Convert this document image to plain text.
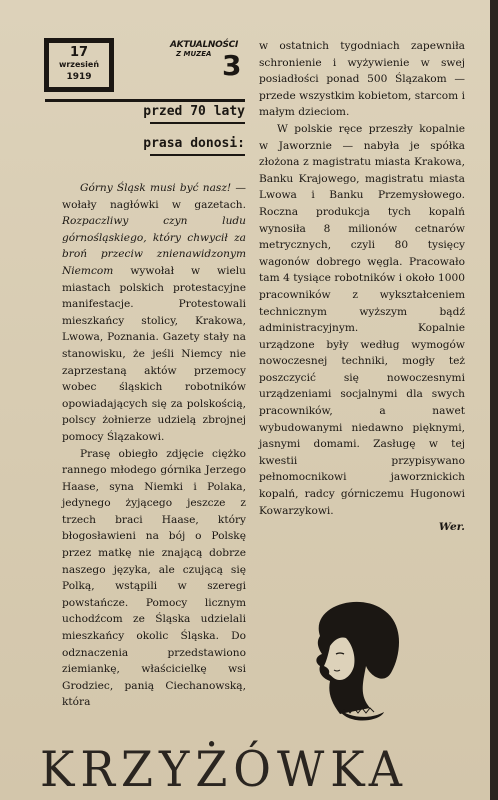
17
wrzesień
1919
AKTUALNOŚCI
Z MUZEA 3
przed 70 laty
prasa donosi:

Górny Śląsk musi być nasz! — wołały nagłówki w gazetach. Rozpaczliwy czyn ludu górnośląskiego, który chwycił za broń przeciw znienawidzonym Niemcom wywołał w wielu miastach polskich protestacyjne manifestacje. Protestowali mieszkańcy stolicy, Krakowa, Lwowa, Poznania. Gazety stały na stanowisku, że jeśli Niemcy nie zaprzestaną aktów przemocy wobec śląskich robotników opowiadających się za polskością, polscy żołnierze udzielą zbrojnej pomocy Ślązakowi.

Prasę obiegło zdjęcie ciężko rannego młodego górnika Jerzego Haase, syna Niemki i Polaka, jedynego żyjącego jeszcze z trzech braci Haase, który błogosławieni na bój o Polskę przez matkę nie znającą dobrze naszego języka, ale czującą się Polką, wstąpili w szeregi powstańcze. Pomocy licznym uchodźcom ze Śląska udzielali mieszkańcy okolic Śląska. Do odznaczenia przedstawiono ziemiankę, właścicielkę wsi Grodziec, panią Ciechanowską, która

w ostatnich tygodniach zapewniła schronienie i wyżywienie w swej posiadłości ponad 500 Ślązakom — przede wszystkim kobietom, starcom i małym dzieciom.

W polskie ręce przeszły kopalnie w Jaworznie — nabyła je spółka złożona z magistratu miasta Krakowa, Banku Krajowego, magistratu miasta Lwowa i Banku Przemysłowego. Roczna produkcja tych kopalń wynosiła 8 milionów cetnarów metrycznych, czyli 80 tysięcy wagonów dobrego węgla. Pracowało tam 4 tysiące robotników i około 1000 pracowników z wykształceniem technicznym wyższym bądź administracyjnym. Kopalnie urządzone były według wymogów nowoczesnej techniki, mogły też poszczycić się nowoczesnymi urządzeniami socjalnymi dla swych pracowników, a nawet wybudowanymi niedawno pięknymi, jasnymi domami. Zasługę w tej kwestii przypisywano pełnomocnikowi jaworznickich kopalń, radcy górniczemu Hugonowi Kowarzykowi.

Wer.

KRZYŻÓWKA
